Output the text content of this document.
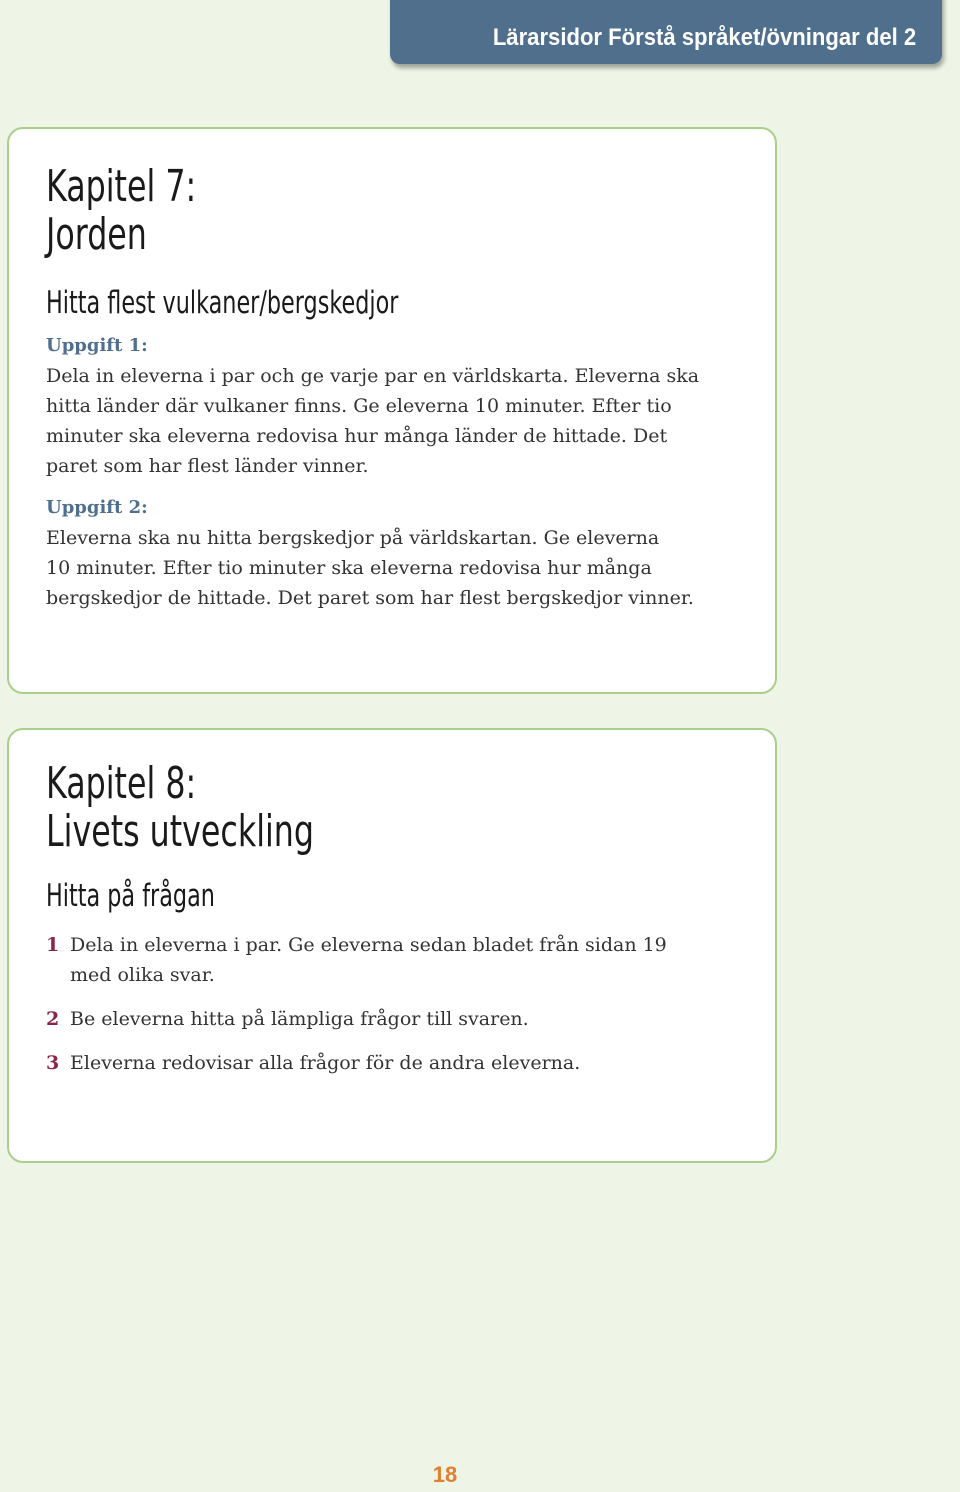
Lärarsidor Förstå språket/övningar del 2
Kapitel 7:
Jorden
Hitta flest vulkaner/bergskedjor
Uppgift 1:

Dela in eleverna i par och ge varje par en världskarta. Eleverna ska
hitta länder där vulkaner finns. Ge eleverna 10 minuter. Efter tio
minuter ska eleverna redovisa hur många länder de hittade. Det
paret som har flest länder vinner.

Uppgift 2:

Eleverna ska nu hitta bergskedjor på världskartan. Ge eleverna
10 minuter. Efter tio minuter ska eleverna redovisa hur många
bergskedjor de hittade. Det paret som har flest bergskedjor vinner.

Kapitel 8:
Livets utveckling
Hitta på frågan
1 Dela in eleverna i par. Ge eleverna sedan bladet från sidan 19
med olika svar.
2 Be eleverna hitta på lämpliga frågor till svaren.
3 Eleverna redovisar alla frågor för de andra eleverna.
18
